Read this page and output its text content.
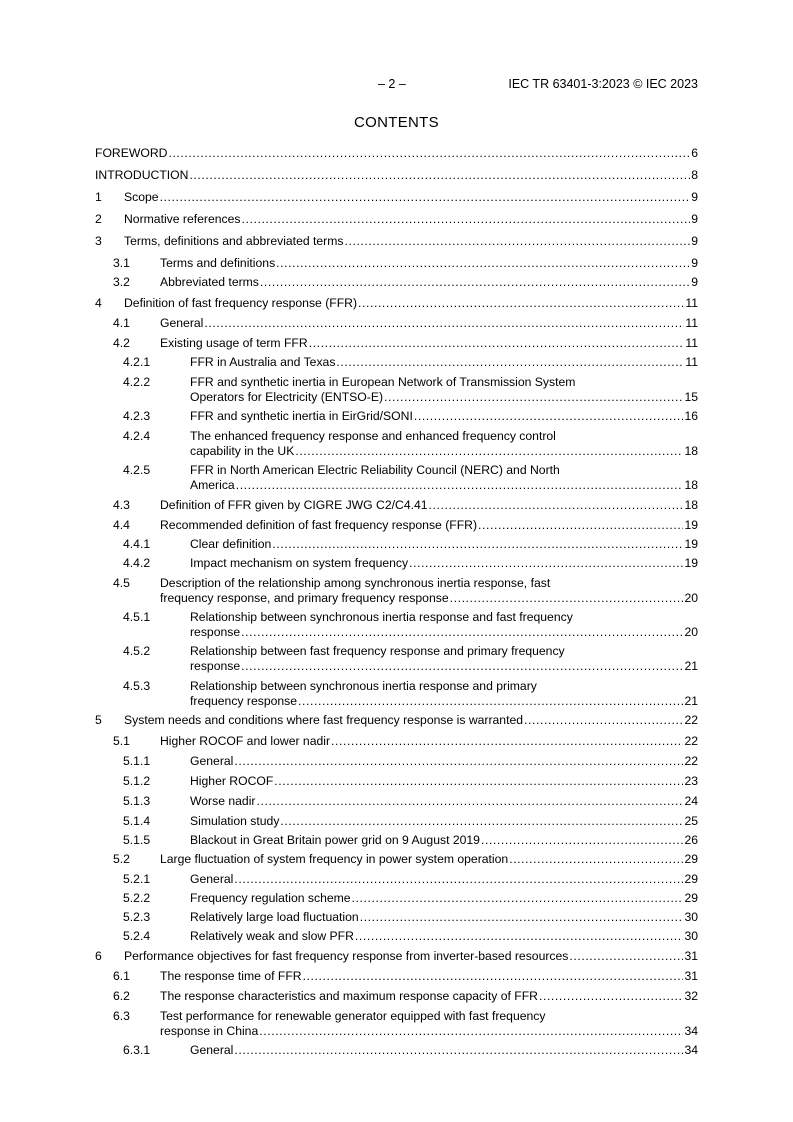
– 2 –	IEC TR 63401-3:2023 © IEC 2023
CONTENTS
FOREWORD .....	6
INTRODUCTION .....	8
1 Scope .....	9
2 Normative references .....	9
3 Terms, definitions and abbreviated terms .....	9
3.1 Terms and definitions .....	9
3.2 Abbreviated terms .....	9
4 Definition of fast frequency response (FFR) .....	11
4.1 General .....	11
4.2 Existing usage of term FFR .....	11
4.2.1	FFR in Australia and Texas .....	11
4.2.2	FFR and synthetic inertia in European Network of Transmission System
Operators for Electricity (ENTSO-E) .....	15
4.2.3	FFR and synthetic inertia in EirGrid/SONI .....	16
4.2.4	The enhanced frequency response and enhanced frequency control
capability in the UK .....	18
4.2.5	FFR in North American Electric Reliability Council (NERC) and North
America .....	18
4.3 Definition of FFR given by CIGRE JWG C2/C4.41 .....	18
4.4 Recommended definition of fast frequency response (FFR) .....	19
4.4.1	Clear definition .....	19
4.4.2	Impact mechanism on system frequency .....	19
4.5 Description of the relationship among synchronous inertia response, fast
frequency response, and primary frequency response .....	20
4.5.1	Relationship between synchronous inertia response and fast frequency
response .....	20
4.5.2	Relationship between fast frequency response and primary frequency
response .....	21
4.5.3	Relationship between synchronous inertia response and primary
frequency response .....	21
5 System needs and conditions where fast frequency response is warranted .....	22
5.1 Higher ROCOF and lower nadir .....	22
5.1.1	General .....	22
5.1.2	Higher ROCOF .....	23
5.1.3	Worse nadir .....	24
5.1.4	Simulation study .....	25
5.1.5	Blackout in Great Britain power grid on 9 August 2019 .....	26
5.2 Large fluctuation of system frequency in power system operation .....	29
5.2.1	General .....	29
5.2.2	Frequency regulation scheme .....	29
5.2.3	Relatively large load fluctuation .....	30
5.2.4	Relatively weak and slow PFR .....	30
6 Performance objectives for fast frequency response from inverter-based resources .....	31
6.1 The response time of FFR .....	31
6.2 The response characteristics and maximum response capacity of FFR .....	32
6.3 Test performance for renewable generator equipped with fast frequency
response in China .....	34
6.3.1	General .....	34
